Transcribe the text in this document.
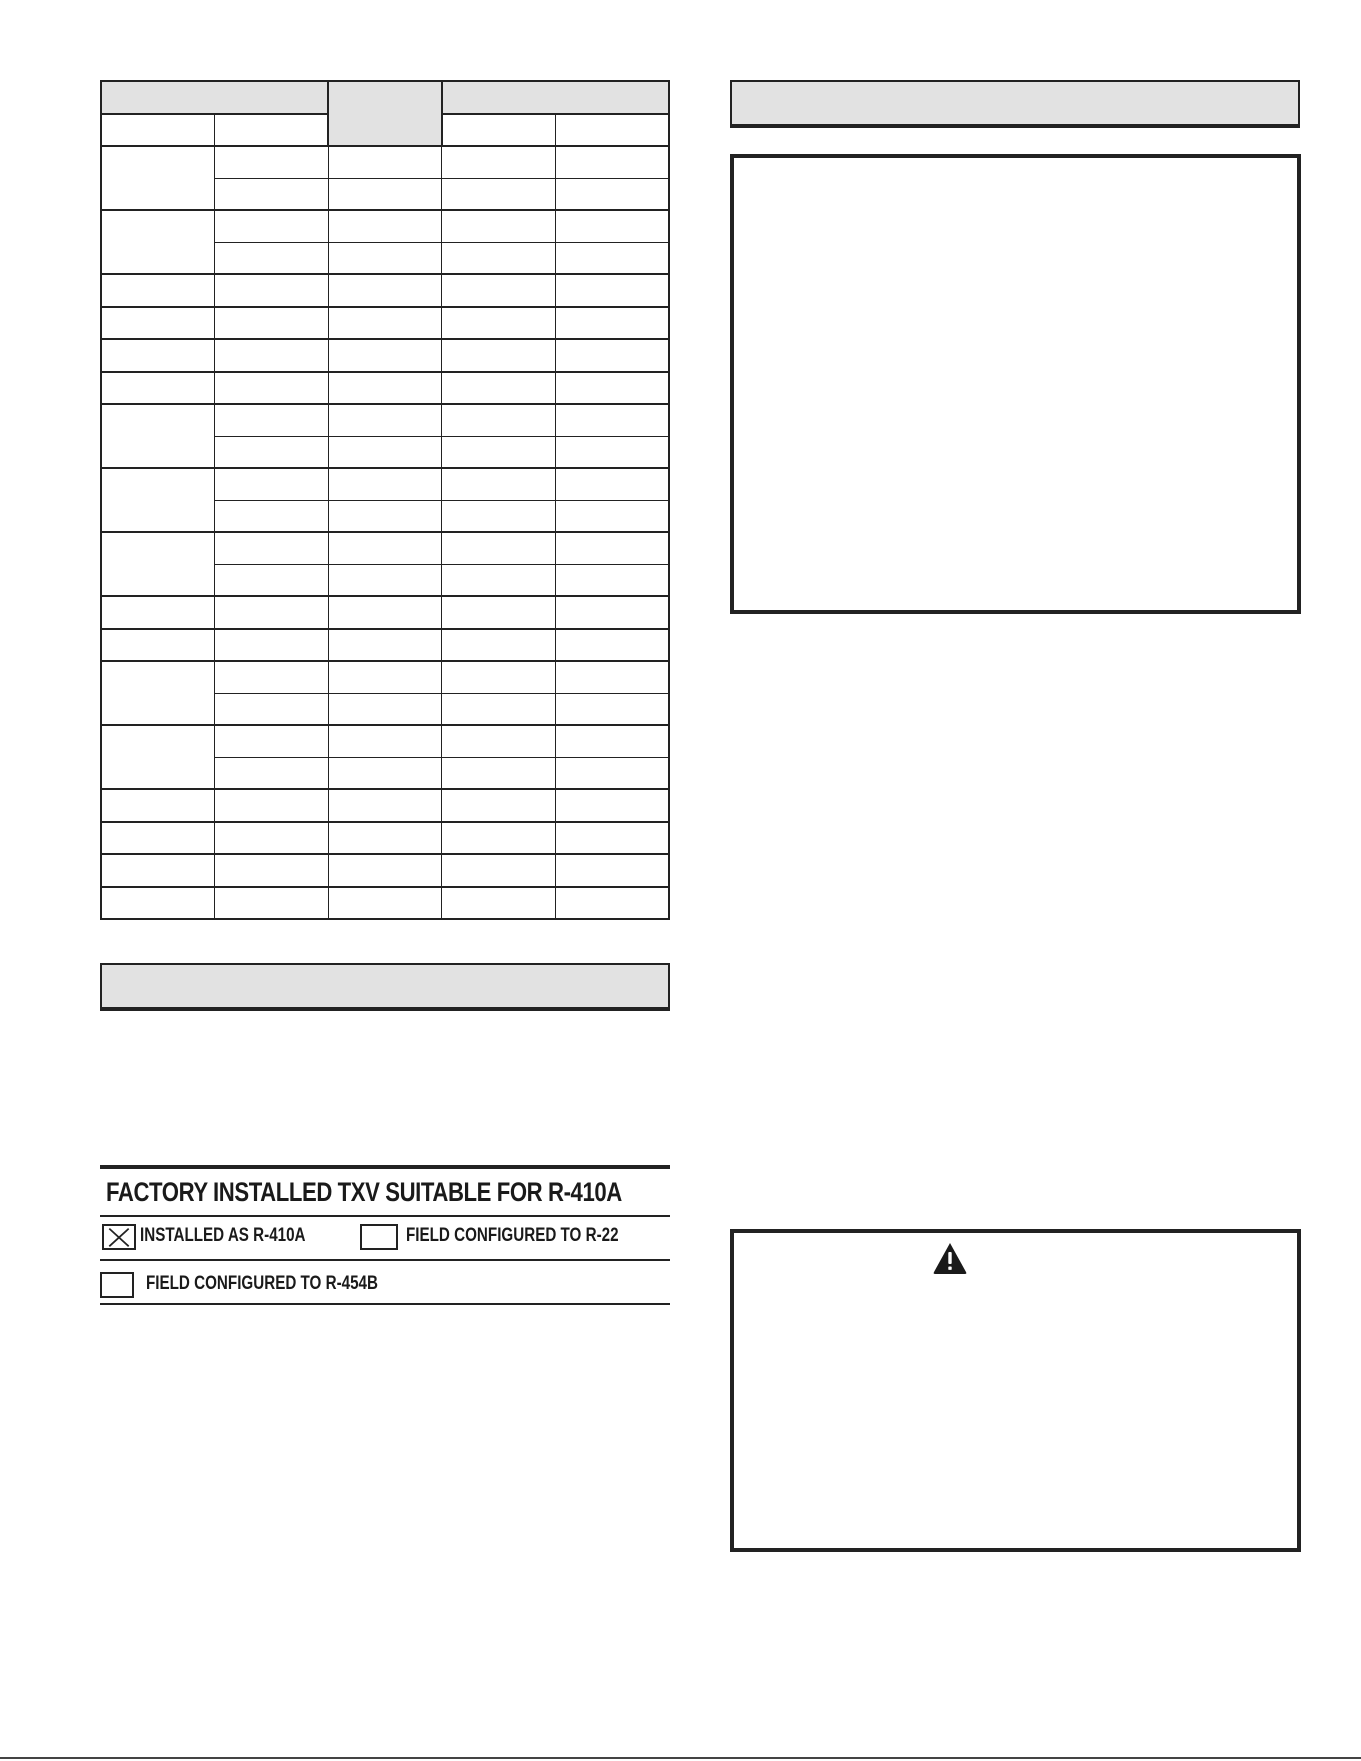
FACTORY INSTALLED TXV SUITABLE FOR R-410A
INSTALLED AS R-410A	FIELD CONFIGURED TO R-22
FIELD CONFIGURED TO R-454B
